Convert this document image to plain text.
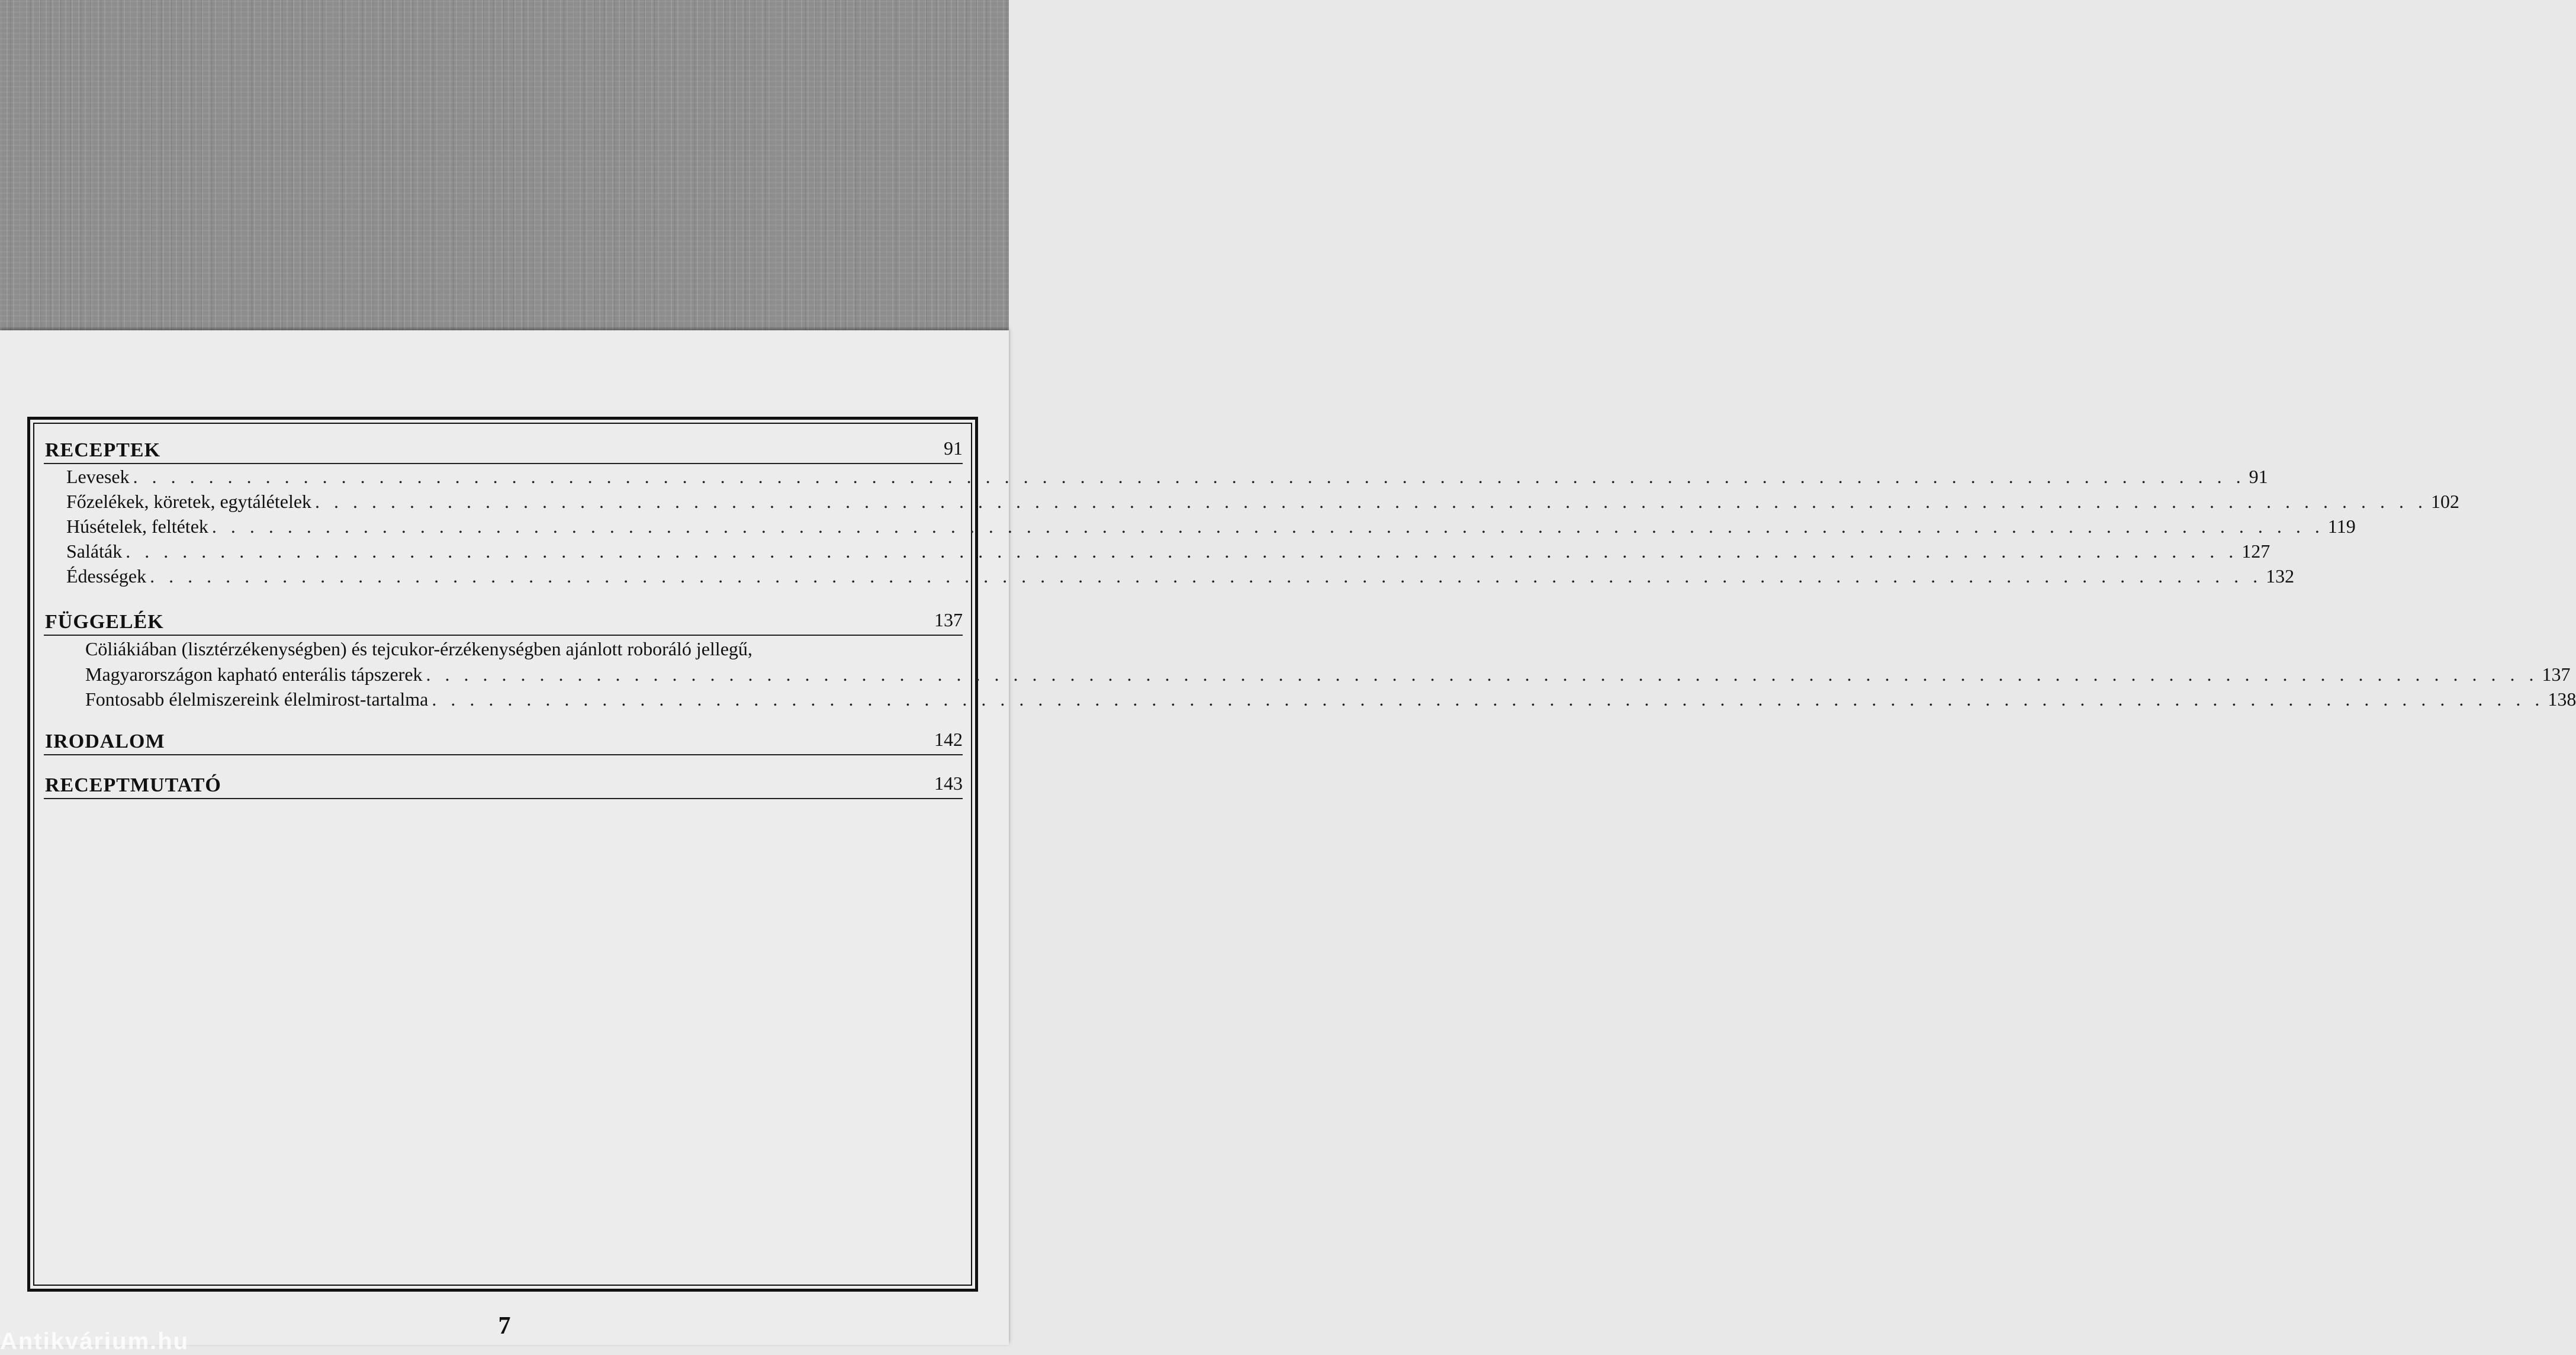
RECEPTEK	91
Levesek . . . . . . . . . . . . . . . . . . . . . . . . . . . . . . . . . . . . . . . . . . . . . . . . . . . . . . . . . . . . . . . . . . . . . . . . . . . . . . . . . . . . . . . . . . . . . . . . . . . . . . . . . . . . . . . . 91
Főzelékek, köretek, egytálételek . . . . . . . . . . . . . . . . . . . . . . . . . . . . . . . . . . . . . . . . . . . . . . . . . . . . . . . . . . . . . . . . . . . . . . . . . . . . . . . . . . . . . . . . . . . . . . . . . . . . . . . . . . . . . . . . 102
Húsételek, feltétek . . . . . . . . . . . . . . . . . . . . . . . . . . . . . . . . . . . . . . . . . . . . . . . . . . . . . . . . . . . . . . . . . . . . . . . . . . . . . . . . . . . . . . . . . . . . . . . . . . . . . . . . . . . . . . . . 119
Saláták . . . . . . . . . . . . . . . . . . . . . . . . . . . . . . . . . . . . . . . . . . . . . . . . . . . . . . . . . . . . . . . . . . . . . . . . . . . . . . . . . . . . . . . . . . . . . . . . . . . . . . . . . . . . . . . . 127
Édességek . . . . . . . . . . . . . . . . . . . . . . . . . . . . . . . . . . . . . . . . . . . . . . . . . . . . . . . . . . . . . . . . . . . . . . . . . . . . . . . . . . . . . . . . . . . . . . . . . . . . . . . . . . . . . . . . 132
FÜGGELÉK	137
Cöliákiában (lisztérzékenységben) és tejcukor-érzékenységben ajánlott roboráló jellegű,
Magyarországon kapható enterális tápszerek . . . . . . . . . . . . . . . . . . . . . . . . . . . . . . . . . . . . . . . . . . . . . . . . . . . . . . . . . . . . . . . . . . . . . . . . . . . . . . . . . . . . . . . . . . . . . . . . . . . . . . . . . . . . . . . . 137
Fontosabb élelmiszereink élelmirost-tartalma . . . . . . . . . . . . . . . . . . . . . . . . . . . . . . . . . . . . . . . . . . . . . . . . . . . . . . . . . . . . . . . . . . . . . . . . . . . . . . . . . . . . . . . . . . . . . . . . . . . . . . . . . . . . . . . . 138
IRODALOM	142
RECEPTMUTATÓ	143
7
Antikvárium.hu
